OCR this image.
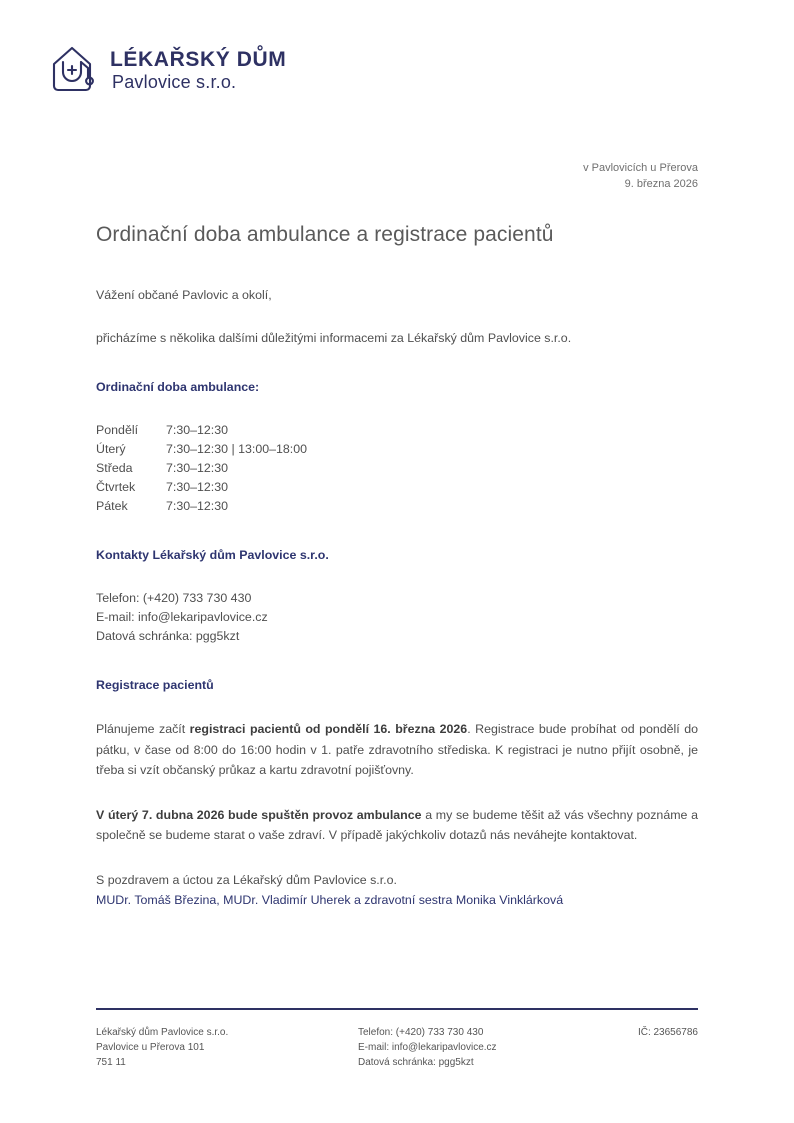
LÉKAŘSKÝ DŮM
Pavlovice s.r.o.
v Pavlovicích u Přerova
9. března 2026
Ordinační doba ambulance a registrace pacientů

Vážení občané Pavlovic a okolí,

přicházíme s několika dalšími důležitými informacemi za Lékařský dům Pavlovice s.r.o.

Ordinační doba ambulance:
Pondělí	7:30–12:30
Úterý	7:30–12:30 | 13:00–18:00
Středa	7:30–12:30
Čtvrtek	7:30–12:30
Pátek	7:30–12:30
Kontakty Lékařský dům Pavlovice s.r.o.
Telefon: (+420) 733 730 430
E-mail: info@lekaripavlovice.cz
Datová schránka: pgg5kzt
Registrace pacientů

Plánujeme začít registraci pacientů od pondělí 16. března 2026. Registrace bude probíhat od pondělí do pátku, v čase od 8:00 do 16:00 hodin v 1. patře zdravotního střediska. K registraci je nutno přijít osobně, je třeba si vzít občanský průkaz a kartu zdravotní pojišťovny.

V úterý 7. dubna 2026 bude spuštěn provoz ambulance a my se budeme těšit až vás všechny poznáme a společně se budeme starat o vaše zdraví. V případě jakýchkoliv dotazů nás neváhejte kontaktovat.

S pozdravem a úctou za Lékařský dům Pavlovice s.r.o.
MUDr. Tomáš Březina, MUDr. Vladimír Uherek a zdravotní sestra Monika Vinklárková
Lékařský dům Pavlovice s.r.o.
Pavlovice u Přerova 101
751 11
Telefon: (+420) 733 730 430
E-mail: info@lekaripavlovice.cz
Datová schránka: pgg5kzt
IČ: 23656786
